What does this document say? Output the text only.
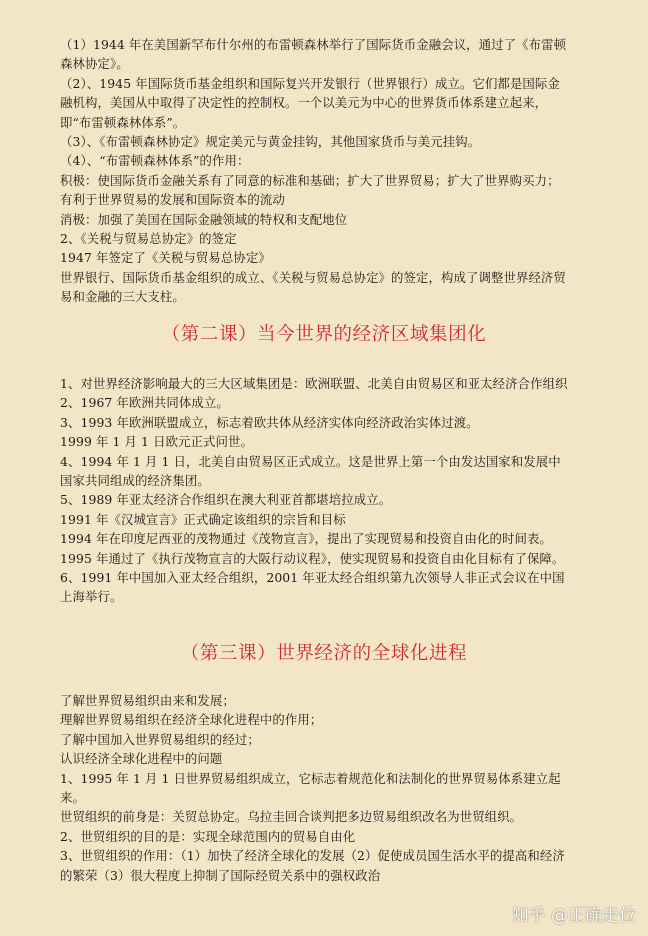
（1）1944 年在美国新罕布什尔州的布雷顿森林举行了国际货币金融会议，通过了《布雷顿森林协定》。

（2）、1945 年国际货币基金组织和国际复兴开发银行（世界银行）成立。它们都是国际金融机构，美国从中取得了决定性的控制权。一个以美元为中心的世界货币体系建立起来，即“布雷顿森林体系”。

（3）、《布雷顿森林协定》规定美元与黄金挂钩，其他国家货币与美元挂钩。

（4）、“布雷顿森林体系”的作用：

积极：使国际货币金融关系有了同意的标准和基础；扩大了世界贸易；扩大了世界购买力；有利于世界贸易的发展和国际资本的流动

消极：加强了美国在国际金融领域的特权和支配地位

2、《关税与贸易总协定》的签定

1947 年签定了《关税与贸易总协定》

世界银行、国际货币基金组织的成立、《关税与贸易总协定》的签定，构成了调整世界经济贸易和金融的三大支柱。

（第二课）当今世界的经济区域集团化

1、对世界经济影响最大的三大区域集团是：欧洲联盟、北美自由贸易区和亚太经济合作组织

2、1967 年欧洲共同体成立。

3、1993 年欧洲联盟成立，标志着欧共体从经济实体向经济政治实体过渡。

1999 年 1 月 1 日欧元正式问世。

4、1994 年 1 月 1 日，北美自由贸易区正式成立。这是世界上第一个由发达国家和发展中国家共同组成的经济集团。

5、1989 年亚太经济合作组织在澳大利亚首都堪培拉成立。

1991 年《汉城宣言》正式确定该组织的宗旨和目标

1994 年在印度尼西亚的茂物通过《茂物宣言》，提出了实现贸易和投资自由化的时间表。

1995 年通过了《执行茂物宣言的大阪行动议程》，使实现贸易和投资自由化目标有了保障。

6、1991 年中国加入亚太经合组织，2001 年亚太经合组织第九次领导人非正式会议在中国上海举行。

（第三课）世界经济的全球化进程

了解世界贸易组织由来和发展；

理解世界贸易组织在经济全球化进程中的作用；

了解中国加入世界贸易组织的经过；

认识经济全球化进程中的问题

1、1995 年 1 月 1 日世界贸易组织成立，它标志着规范化和法制化的世界贸易体系建立起来。

世贸组织的前身是：关贸总协定。乌拉圭回合谈判把多边贸易组织改名为世贸组织。

2、世贸组织的目的是：实现全球范围内的贸易自由化

3、世贸组织的作用：（1）加快了经济全球化的发展（2）促使成员国生活水平的提高和经济的繁荣（3）很大程度上抑制了国际经贸关系中的强权政治

知乎 @正确走位
